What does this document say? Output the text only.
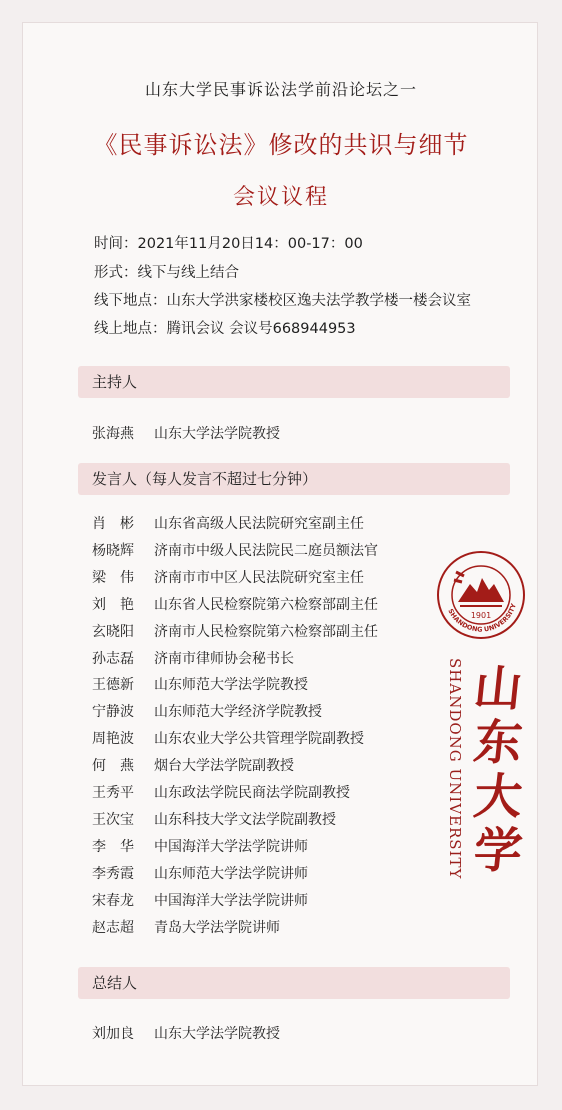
山东大学民事诉讼法学前沿论坛之一
《民事诉讼法》修改的共识与细节
会议议程
时间：2021年11月20日14：00-17：00
形式：线下与线上结合
线下地点：山东大学洪家楼校区逸夫法学教学楼一楼会议室
线上地点：腾讯会议 会议号668944953
主持人
张海燕 山东大学法学院教授
发言人（每人发言不超过七分钟）
肖　彬 山东省高级人民法院研究室副主任
杨晓辉 济南市中级人民法院民二庭员额法官
梁　伟 济南市市中区人民法院研究室主任
刘　艳 山东省人民检察院第六检察部副主任
玄晓阳 济南市人民检察院第六检察部副主任
孙志磊 济南市律师协会秘书长
王德新 山东师范大学法学院教授
宁静波 山东师范大学经济学院教授
周艳波 山东农业大学公共管理学院副教授
何　燕 烟台大学法学院副教授
王秀平 山东政法学院民商法学院副教授
王次宝 山东科技大学文法学院副教授
李　华 中国海洋大学法学院讲师
李秀霞 山东师范大学法学院讲师
宋春龙 中国海洋大学法学院讲师
赵志超 青岛大学法学院讲师
总结人
刘加良 山东大学法学院教授
1901
SHANDONG UNIVERSITY
SHANDONG UNIVERSITY 山
东
大
学
